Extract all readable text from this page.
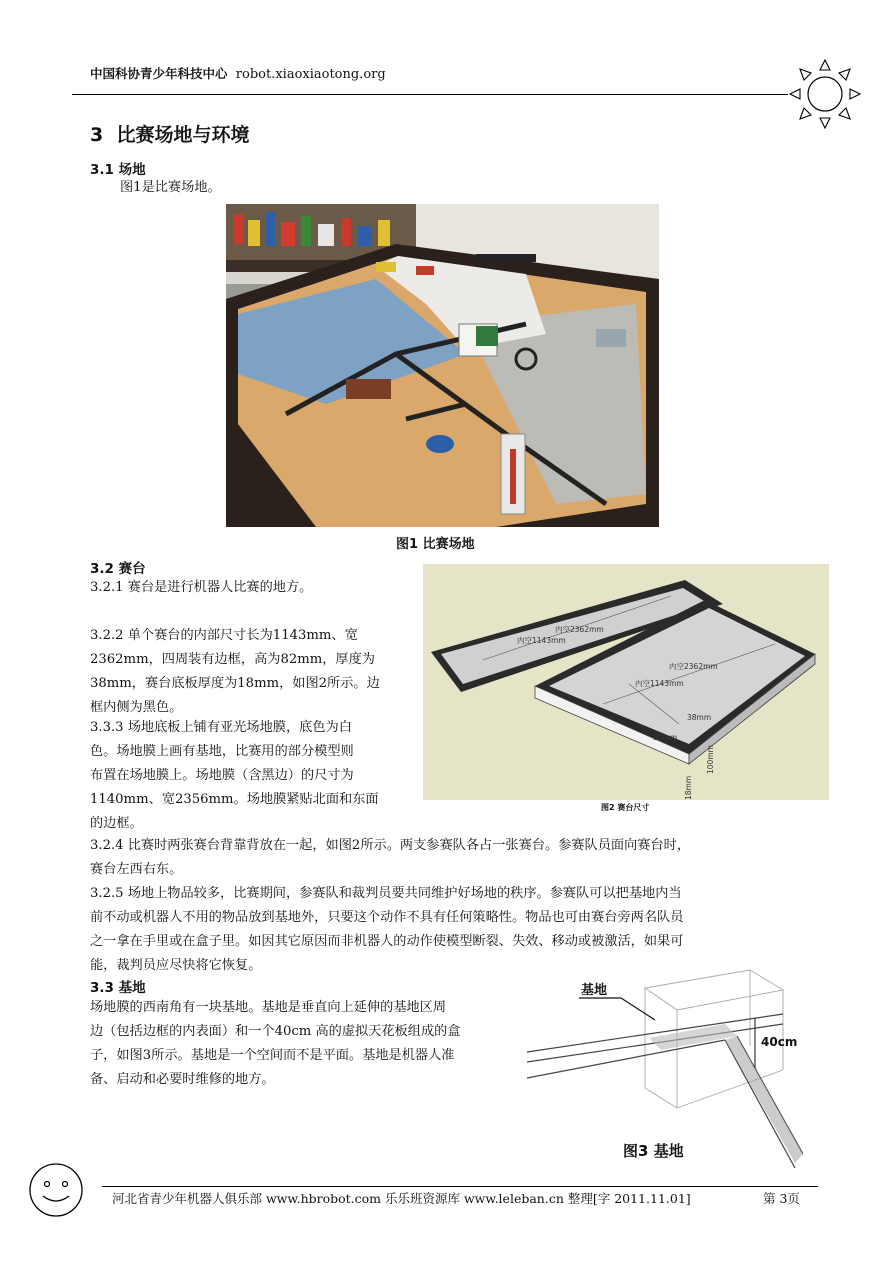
中国科协青少年科技中心 robot.xiaoxiaotong.org
3  比赛场地与环境
3.1 场地
图1是比赛场地。
图1 比赛场地
3.2 赛台
3.2.1 赛台是进行机器人比赛的地方。
3.2.2 单个赛台的内部尺寸长为1143mm、宽
2362mm，四周装有边框，高为82mm，厚度为
38mm，赛台底板厚度为18mm，如图2所示。边
框内侧为黑色。
3.3.3 场地底板上铺有亚光场地膜，底色为白
色。场地膜上画有基地，比赛用的部分模型则
布置在场地膜上。场地膜（含黑边）的尺寸为
1140mm、宽2356mm。场地膜紧贴北面和东面
的边框。
内空2362mm
内空1143mm
内空2362mm
内空1143mm
38mm
38mm
100mm
18mm
图2 赛台尺寸
3.2.4 比赛时两张赛台背靠背放在一起，如图2所示。两支参赛队各占一张赛台。参赛队员面向赛台时，
赛台左西右东。
3.2.5 场地上物品较多，比赛期间，参赛队和裁判员要共同维护好场地的秩序。参赛队可以把基地内当
前不动或机器人不用的物品放到基地外，只要这个动作不具有任何策略性。物品也可由赛台旁两名队员
之一拿在手里或在盒子里。如因其它原因而非机器人的动作使模型断裂、失效、移动或被激活，如果可
能，裁判员应尽快将它恢复。
3.3 基地
场地膜的西南角有一块基地。基地是垂直向上延伸的基地区周
边（包括边框的内表面）和一个40cm 高的虚拟天花板组成的盒
子，如图3所示。基地是一个空间而不是平面。基地是机器人准
备、启动和必要时维修的地方。
基地
40cm
图3 基地
河北省青少年机器人俱乐部 www.hbrobot.com 乐乐班资源库 www.leleban.cn 整理[字 2011.11.01]	第 3页
